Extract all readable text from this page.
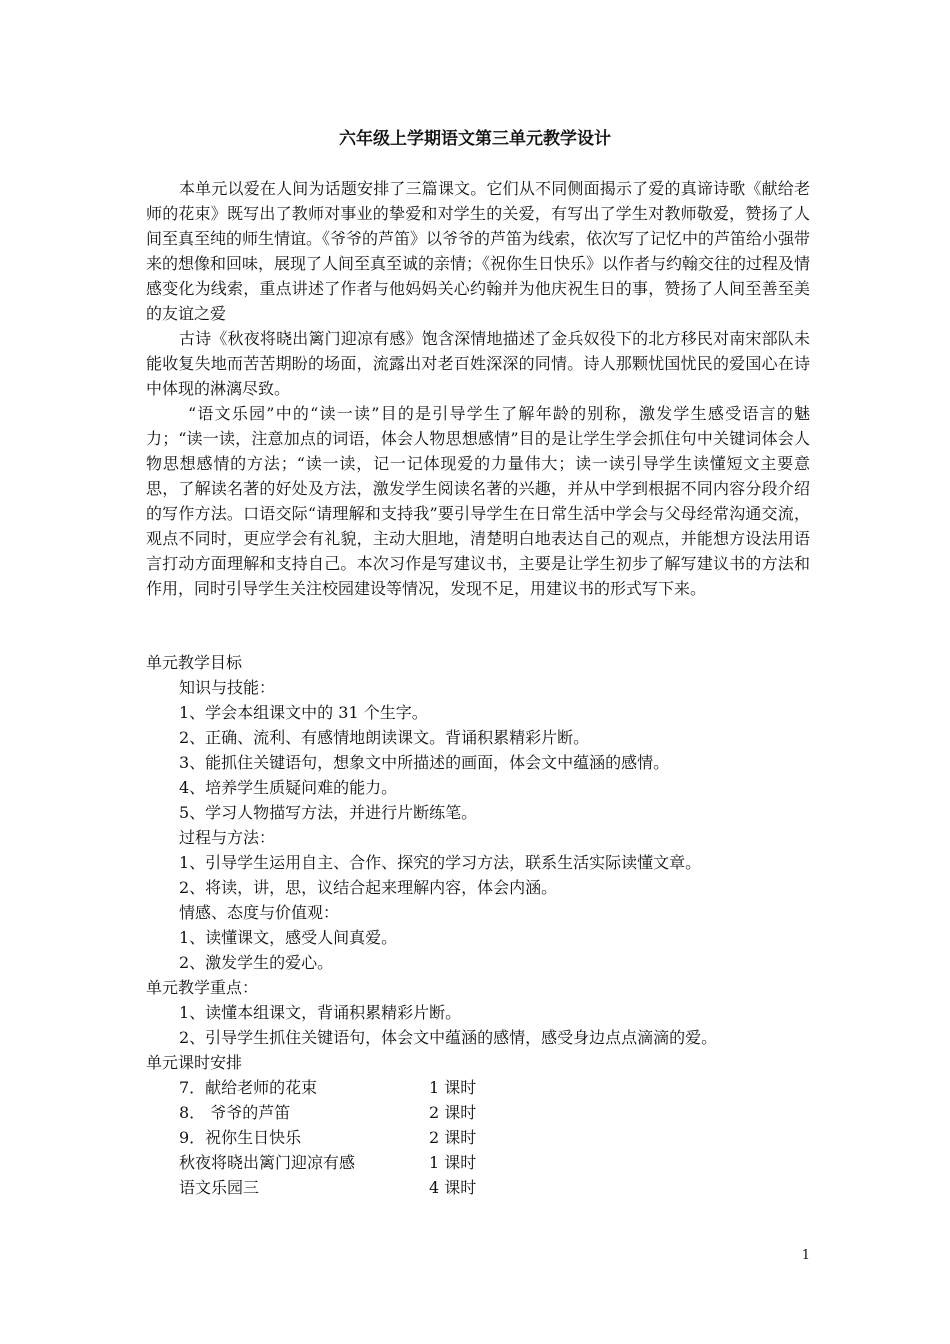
六年级上学期语文第三单元教学设计

本单元以爱在人间为话题安排了三篇课文。它们从不同侧面揭示了爱的真谛诗歌《献给老师的花束》既写出了教师对事业的挚爱和对学生的关爱，有写出了学生对教师敬爱，赞扬了人间至真至纯的师生情谊。《爷爷的芦笛》以爷爷的芦笛为线索，依次写了记忆中的芦笛给小强带来的想像和回味，展现了人间至真至诚的亲情；《祝你生日快乐》以作者与约翰交往的过程及情感变化为线索，重点讲述了作者与他妈妈关心约翰并为他庆祝生日的事，赞扬了人间至善至美的友谊之爱

古诗《秋夜将晓出篱门迎凉有感》饱含深情地描述了金兵奴役下的北方移民对南宋部队未能收复失地而苦苦期盼的场面，流露出对老百姓深深的同情。诗人那颗忧国忧民的爱国心在诗中体现的淋漓尽致。

“语文乐园”中的“读一读”目的是引导学生了解年龄的别称，激发学生感受语言的魅力；“读一读，注意加点的词语，体会人物思想感情”目的是让学生学会抓住句中关键词体会人物思想感情的方法；“读一读，记一记体现爱的力量伟大；读一读引导学生读懂短文主要意思，了解读名著的好处及方法，激发学生阅读名著的兴趣，并从中学到根据不同内容分段介绍的写作方法。口语交际“请理解和支持我”要引导学生在日常生活中学会与父母经常沟通交流，观点不同时，更应学会有礼貌，主动大胆地，清楚明白地表达自己的观点，并能想方设法用语言打动方面理解和支持自己。本次习作是写建议书，主要是让学生初步了解写建议书的方法和作用，同时引导学生关注校园建设等情况，发现不足，用建议书的形式写下来。

单元教学目标
知识与技能：
1、学会本组课文中的 31 个生字。
2、正确、流利、有感情地朗读课文。背诵积累精彩片断。
3、能抓住关键语句，想象文中所描述的画面，体会文中蕴涵的感情。
4、培养学生质疑问难的能力。
5、学习人物描写方法，并进行片断练笔。
过程与方法：
1、引导学生运用自主、合作、探究的学习方法，联系生活实际读懂文章。
2、将读，讲，思，议结合起来理解内容，体会内涵。
情感、态度与价值观：
1、读懂课文，感受人间真爱。
2、激发学生的爱心。
单元教学重点：
1、读懂本组课文，背诵积累精彩片断。
2、引导学生抓住关键语句，体会文中蕴涵的感情，感受身边点点滴滴的爱。
单元课时安排
7．献给老师的花束	1 课时
8． 爷爷的芦笛	2 课时
9．祝你生日快乐	2 课时
秋夜将晓出篱门迎凉有感	1 课时
语文乐园三	4 课时
1
